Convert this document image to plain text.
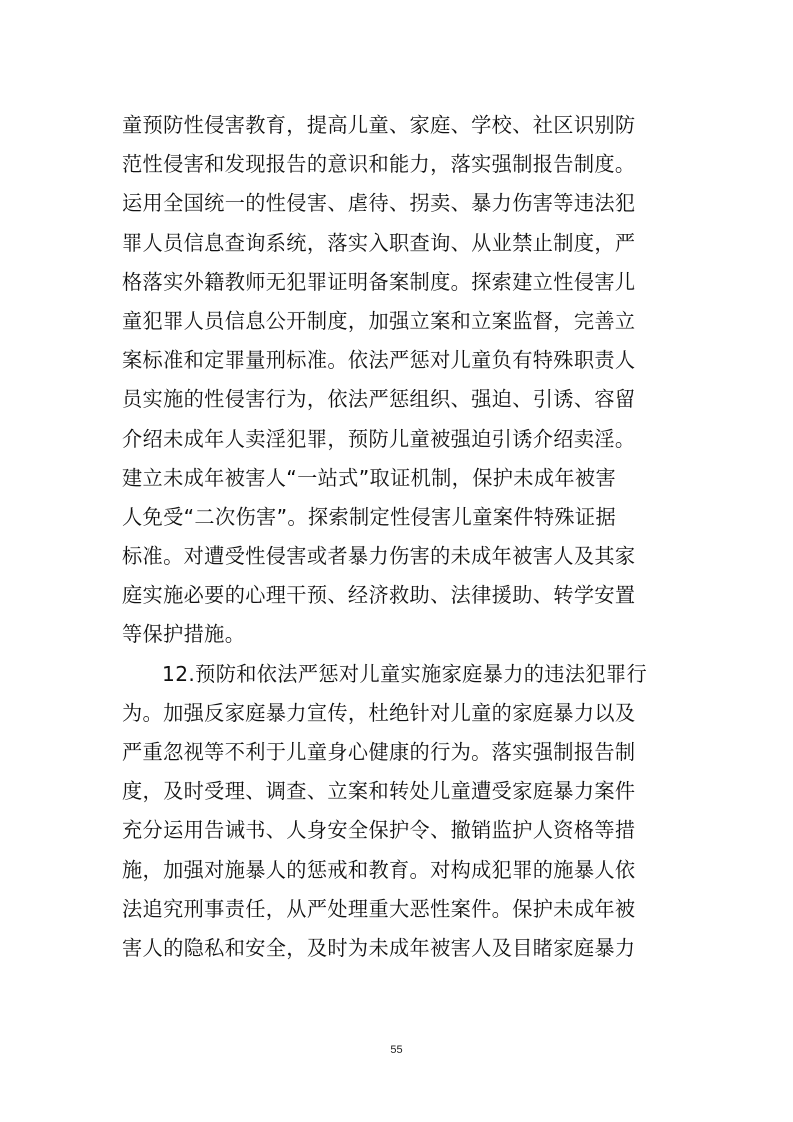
童预防性侵害教育，提高儿童、家庭、学校、社区识别防
范性侵害和发现报告的意识和能力，落实强制报告制度。
运用全国统一的性侵害、虐待、拐卖、暴力伤害等违法犯
罪人员信息查询系统，落实入职查询、从业禁止制度，严
格落实外籍教师无犯罪证明备案制度。探索建立性侵害儿
童犯罪人员信息公开制度，加强立案和立案监督，完善立
案标准和定罪量刑标准。依法严惩对儿童负有特殊职责人
员实施的性侵害行为，依法严惩组织、强迫、引诱、容留
介绍未成年人卖淫犯罪，预防儿童被强迫引诱介绍卖淫。
建立未成年被害人“一站式”取证机制，保护未成年被害
人免受“二次伤害”。探索制定性侵害儿童案件特殊证据
标准。对遭受性侵害或者暴力伤害的未成年被害人及其家
庭实施必要的心理干预、经济救助、法律援助、转学安置
等保护措施。
12.预防和依法严惩对儿童实施家庭暴力的违法犯罪行
为。加强反家庭暴力宣传，杜绝针对儿童的家庭暴力以及
严重忽视等不利于儿童身心健康的行为。落实强制报告制
度，及时受理、调查、立案和转处儿童遭受家庭暴力案件
充分运用告诫书、人身安全保护令、撤销监护人资格等措
施，加强对施暴人的惩戒和教育。对构成犯罪的施暴人依
法追究刑事责任，从严处理重大恶性案件。保护未成年被
害人的隐私和安全，及时为未成年被害人及目睹家庭暴力
55
